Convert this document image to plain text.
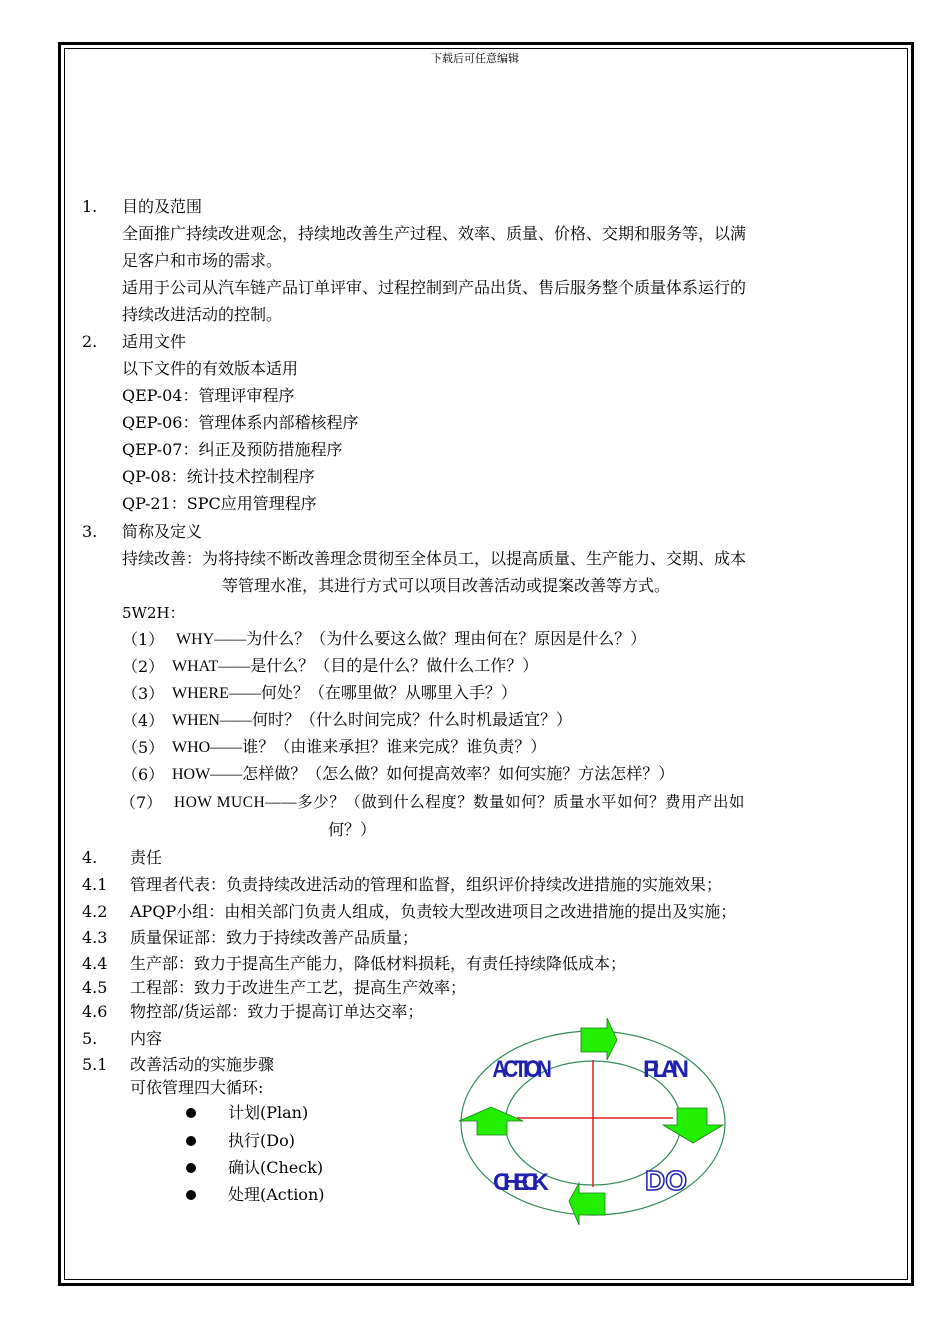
下载后可任意编辑
1. 目的及范围
全面推广持续改进观念，持续地改善生产过程、效率、质量、价格、交期和服务等，以满
足客户和市场的需求。
适用于公司从汽车链产品订单评审、过程控制到产品出货、售后服务整个质量体系运行的
持续改进活动的控制。
2. 适用文件
以下文件的有效版本适用
QEP-04：管理评审程序
QEP-06：管理体系内部稽核程序
QEP-07：纠正及预防措施程序
QP-08：统计技术控制程序
QP-21：SPC应用管理程序
3. 简称及定义
持续改善：为将持续不断改善理念贯彻至全体员工，以提高质量、生产能力、交期、成本
等管理水准，其进行方式可以项目改善活动或提案改善等方式。
5W2H：
（1） WHY——为什么？（为什么要这么做？理由何在？原因是什么？）
（2） WHAT——是什么？（目的是什么？做什么工作？）
（3） WHERE——何处？（在哪里做？从哪里入手？）
（4） WHEN——何时？（什么时间完成？什么时机最适宜？）
（5） WHO——谁？（由谁来承担？谁来完成？谁负责？）
（6） HOW——怎样做？（怎么做？如何提高效率？如何实施？方法怎样？）
（7） HOW MUCH——多少？（做到什么程度？数量如何？质量水平如何？费用产出如
何？）
4. 责任
4.1 管理者代表：负责持续改进活动的管理和监督，组织评价持续改进措施的实施效果；
4.2 APQP小组：由相关部门负责人组成，负责较大型改进项目之改进措施的提出及实施；
4.3 质量保证部：致力于持续改善产品质量；
4.4 生产部：致力于提高生产能力，降低材料损耗，有责任持续降低成本；
4.5 工程部：致力于改进生产工艺，提高生产效率；
4.6 物控部/货运部：致力于提高订单达交率；
5. 内容
5.1 改善活动的实施步骤
可依管理四大循环:
计划(Plan)
执行(Do)
确认(Check)
处理(Action)
ACTION	PLAN
CHECK	DO
